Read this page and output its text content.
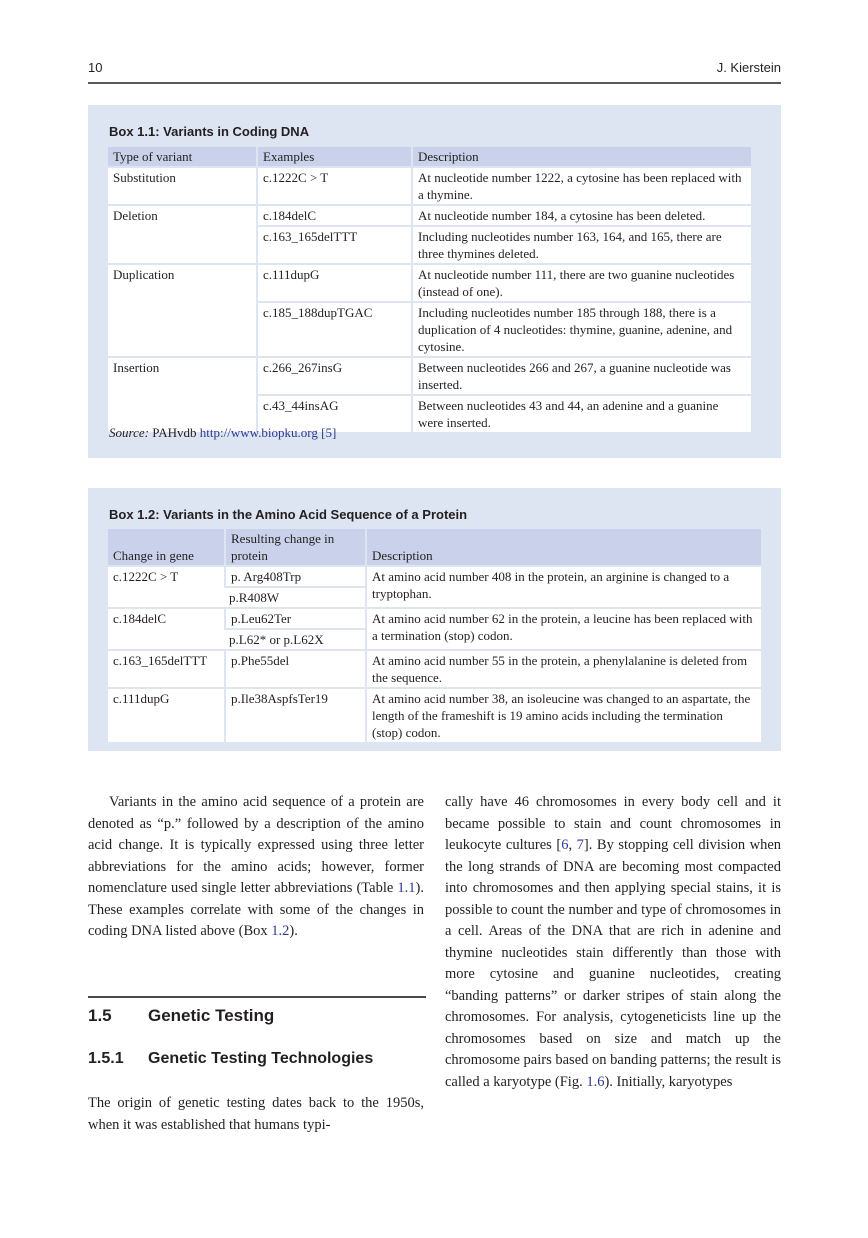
10	J. Kierstein
Box 1.1: Variants in Coding DNA
Type of variant	Examples	Description
Substitution	c.1222C > T	At nucleotide number 1222, a cytosine has been replaced with a thymine.
Deletion	c.184delC	At nucleotide number 184, a cytosine has been deleted.
	c.163_165delTTT	Including nucleotides number 163, 164, and 165, there are three thymines deleted.
Duplication	c.111dupG	At nucleotide number 111, there are two guanine nucleotides (instead of one).
	c.185_188dupTGAC	Including nucleotides number 185 through 188, there is a duplication of 4 nucleotides: thymine, guanine, adenine, and cytosine.
Insertion	c.266_267insG	Between nucleotides 266 and 267, a guanine nucleotide was inserted.
	c.43_44insAG	Between nucleotides 43 and 44, an adenine and a guanine were inserted.
Source: PAHvdb http://www.biopku.org [5]
Box 1.2: Variants in the Amino Acid Sequence of a Protein
Change in gene	Resulting change in protein	Description
c.1222C > T	p. Arg408Trp	At amino acid number 408 in the protein, an arginine is changed to a tryptophan.
	p.R408W	
c.184delC	p.Leu62Ter	At amino acid number 62 in the protein, a leucine has been replaced with a termination (stop) codon.
	p.L62* or p.L62X	
c.163_165delTTT	p.Phe55del	At amino acid number 55 in the protein, a phenylalanine is deleted from the sequence.
c.111dupG	p.Ile38AspfsTer19	At amino acid number 38, an isoleucine was changed to an aspartate, the length of the frameshift is 19 amino acids including the termination (stop) codon.
Variants in the amino acid sequence of a protein are denoted as “p.” followed by a description of the amino acid change. It is typically expressed using three letter abbreviations for the amino acids; however, former nomenclature used single letter abbreviations (Table 1.1). These examples correlate with some of the changes in coding DNA listed above (Box 1.2).
1.5 Genetic Testing
1.5.1 Genetic Testing Technologies
The origin of genetic testing dates back to the 1950s, when it was established that humans typi-
cally have 46 chromosomes in every body cell and it became possible to stain and count chromosomes in leukocyte cultures [6, 7]. By stopping cell division when the long strands of DNA are becoming most compacted into chromosomes and then applying special stains, it is possible to count the number and type of chromosomes in a cell. Areas of the DNA that are rich in adenine and thymine nucleotides stain differently than those with more cytosine and guanine nucleotides, creating “banding patterns” or darker stripes of stain along the chromosomes. For analysis, cytogeneticists line up the chromosomes based on size and match up the chromosome pairs based on banding patterns; the result is called a karyotype (Fig. 1.6). Initially, karyotypes
